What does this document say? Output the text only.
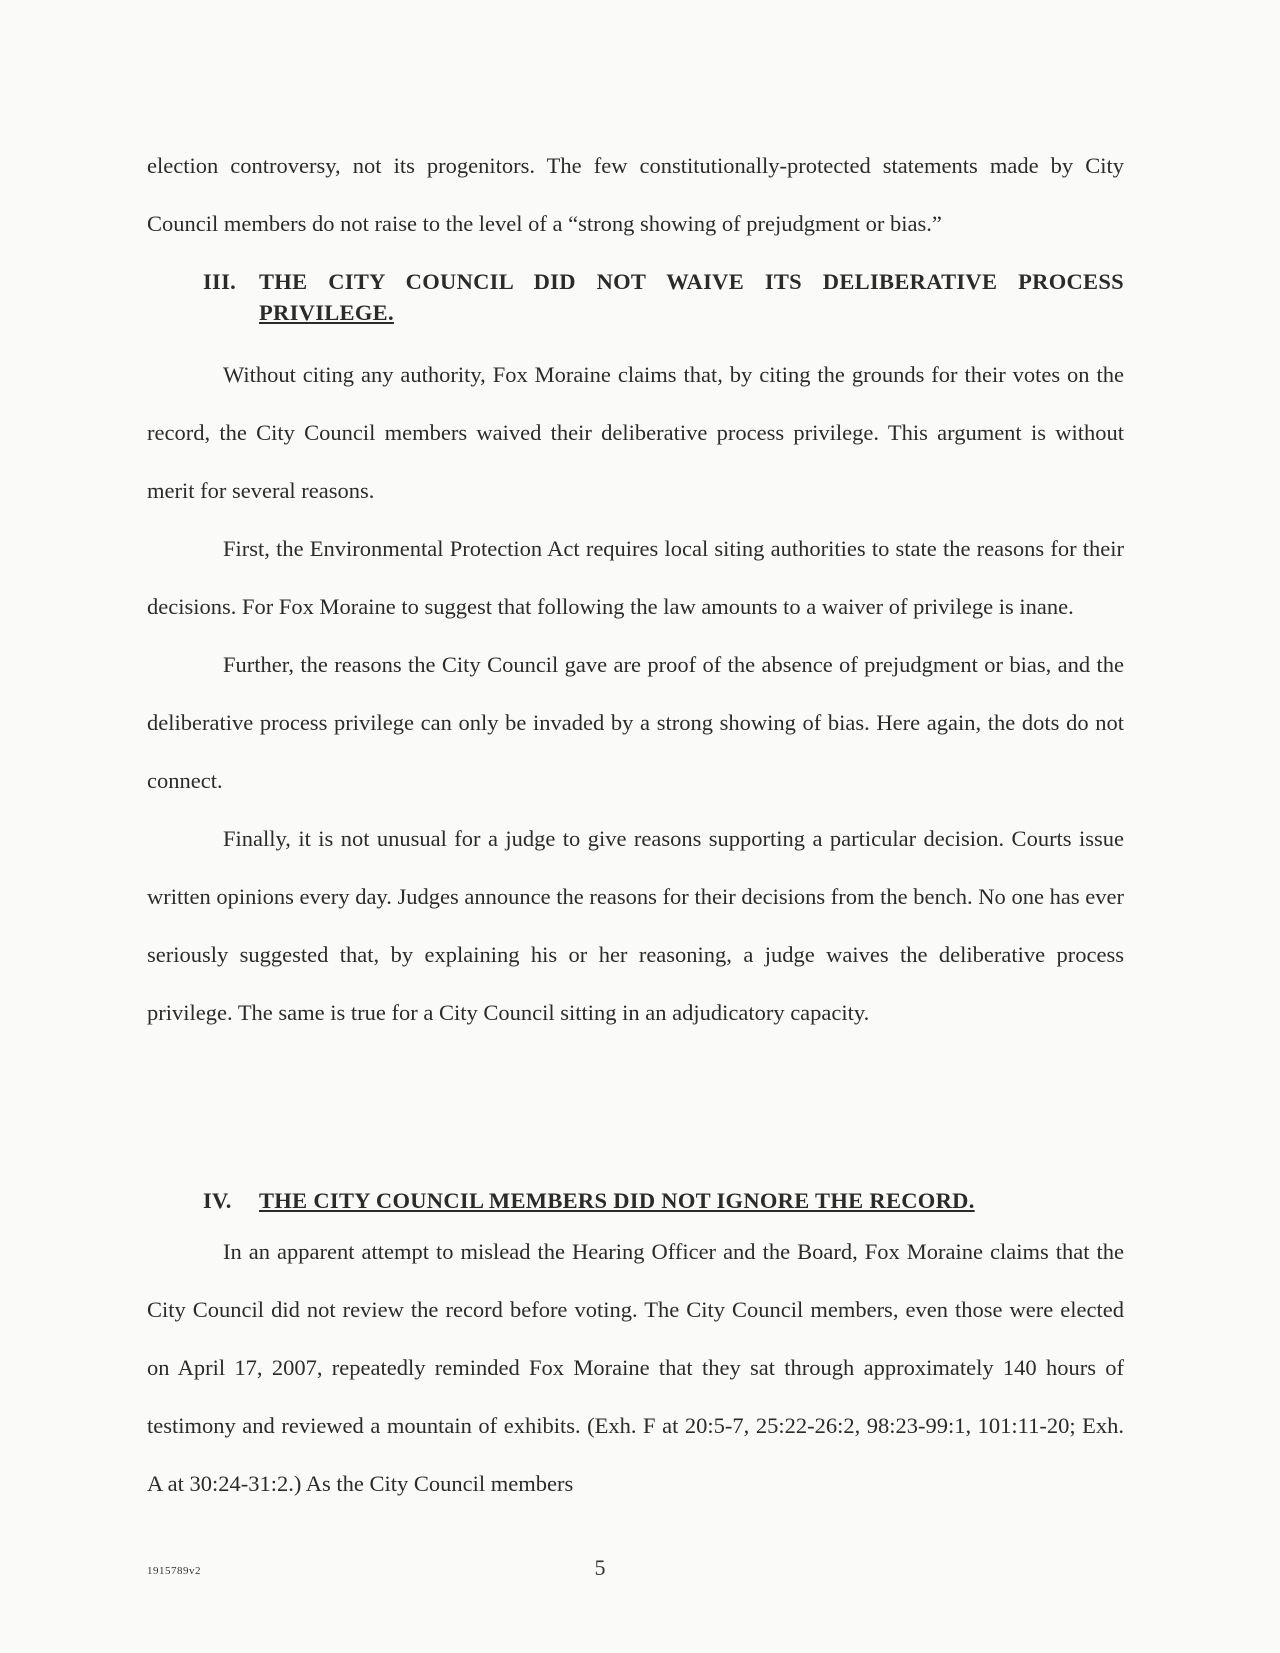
election controversy, not its progenitors. The few constitutionally-protected statements made by City Council members do not raise to the level of a “strong showing of prejudgment or bias.”

III. THE CITY COUNCIL DID NOT WAIVE ITS DELIBERATIVE PROCESS
PRIVILEGE.

Without citing any authority, Fox Moraine claims that, by citing the grounds for their votes on the record, the City Council members waived their deliberative process privilege. This argument is without merit for several reasons.

First, the Environmental Protection Act requires local siting authorities to state the reasons for their decisions. For Fox Moraine to suggest that following the law amounts to a waiver of privilege is inane.

Further, the reasons the City Council gave are proof of the absence of prejudgment or bias, and the deliberative process privilege can only be invaded by a strong showing of bias. Here again, the dots do not connect.

Finally, it is not unusual for a judge to give reasons supporting a particular decision. Courts issue written opinions every day. Judges announce the reasons for their decisions from the bench. No one has ever seriously suggested that, by explaining his or her reasoning, a judge waives the deliberative process privilege. The same is true for a City Council sitting in an adjudicatory capacity.

IV. THE CITY COUNCIL MEMBERS DID NOT IGNORE THE RECORD.

In an apparent attempt to mislead the Hearing Officer and the Board, Fox Moraine claims that the City Council did not review the record before voting. The City Council members, even those were elected on April 17, 2007, repeatedly reminded Fox Moraine that they sat through approximately 140 hours of testimony and reviewed a mountain of exhibits. (Exh. F at 20:5-7, 25:22-26:2, 98:23-99:1, 101:11-20; Exh. A at 30:24-31:2.) As the City Council members

1915789v2	5
